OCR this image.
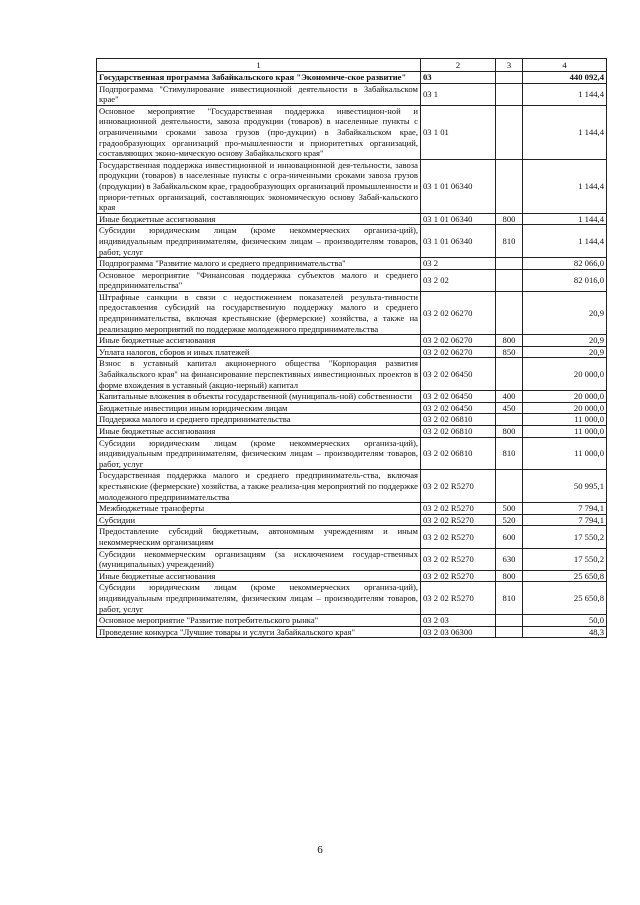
1	2	3	4
Государственная программа Забайкальского края "Экономиче-ское развитие"	03		440 092,4
Подпрограмма "Стимулирование инвестиционной деятельности в Забайкальском крае"	03 1		1 144,4
Основное мероприятие "Государственная поддержка инвестицион-ной и инновационной деятельности, завоза продукции (товаров) в населенные пункты с ограниченными сроками завоза грузов (про-дукции) в Забайкальском крае, градообразующих организаций про-мышленности и приоритетных организаций, составляющих эконо-мическую основу Забайкальского края"	03 1 01		1 144,4
Государственная поддержка инвестиционной и инновационной дея-тельности, завоза продукции (товаров) в населенные пункты с огра-ниченными сроками завоза грузов (продукции) в Забайкальском крае, градообразующих организаций промышленности и приори-тетных организаций, составляющих экономическую основу Забай-кальского края	03 1 01 06340		1 144,4
Иные бюджетные ассигнования	03 1 01 06340	800	1 144,4
Субсидии юридическим лицам (кроме некоммерческих организа-ций), индивидуальным предпринимателям, физическим лицам – производителям товаров, работ, услуг	03 1 01 06340	810	1 144,4
Подпрограмма "Развитие малого и среднего предпринимательства"	03 2		82 066,0
Основное мероприятие "Финансовая поддержка субъектов малого и среднего предпринимательства"	03 2 02		82 016,0
Штрафные санкции в связи с недостижением показателей результа-тивности предоставления субсидий на государственную поддержку малого и среднего предпринимательства, включая крестьянские (фермерские) хозяйства, а также на реализацию мероприятий по поддержке молодежного предпринимательства	03 2 02 06270		20,9
Иные бюджетные ассигнования	03 2 02 06270	800	20,9
Уплата налогов, сборов и иных платежей	03 2 02 06270	850	20,9
Взнос в уставный капитал акционерного общества "Корпорация развития Забайкальского края" на финансирование перспективных инвестиционных проектов в форме вхождения в уставный (акцио-нерный) капитал	03 2 02 06450		20 000,0
Капитальные вложения в объекты государственной (муниципаль-ной) собственности	03 2 02 06450	400	20 000,0
Бюджетные инвестиции иным юридическим лицам	03 2 02 06450	450	20 000,0
Поддержка малого и среднего предпринимательства	03 2 02 06810		11 000,0
Иные бюджетные ассигнования	03 2 02 06810	800	11 000,0
Субсидии юридическим лицам (кроме некоммерческих организа-ций), индивидуальным предпринимателям, физическим лицам – производителям товаров, работ, услуг	03 2 02 06810	810	11 000,0
Государственная поддержка малого и среднего предприниматель-ства, включая крестьянские (фермерские) хозяйства, а также реализа-ция мероприятий по поддержке молодежного предпринимательства	03 2 02 R5270		50 995,1
Межбюджетные трансферты	03 2 02 R5270	500	7 794,1
Субсидии	03 2 02 R5270	520	7 794,1
Предоставление субсидий бюджетным, автономным учреждениям и иным некоммерческим организациям	03 2 02 R5270	600	17 550,2
Субсидии некоммерческим организациям (за исключением государ-ственных (муниципальных) учреждений)	03 2 02 R5270	630	17 550,2
Иные бюджетные ассигнования	03 2 02 R5270	800	25 650,8
Субсидии юридическим лицам (кроме некоммерческих организа-ций), индивидуальным предпринимателям, физическим лицам – производителям товаров, работ, услуг	03 2 02 R5270	810	25 650,8
Основное мероприятие "Развитие потребительского рынка"	03 2 03		50,0
Проведение конкурса "Лучшие товары и услуги Забайкальского края"	03 2 03 06300		48,3
6
